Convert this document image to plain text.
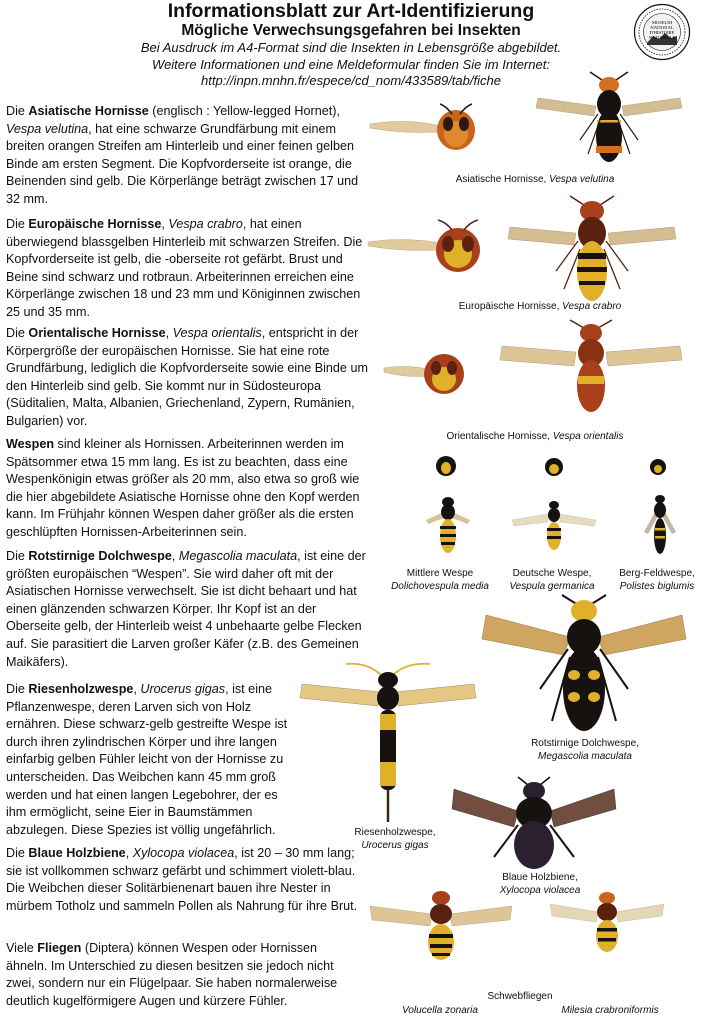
Informationsblatt zur Art-Identifizierung
Mögliche Verwechsungsgefahren bei Insekten
Bei Ausdruck im A4-Format sind die Insekten in Lebensgröße abgebildet.
Weitere Informationen und eine Meldeformular finden Sie im Internet:
http://inpn.mnhn.fr/espece/cd_nom/433589/tab/fiche
MUSEUM
NATIONAL
D'HISTOIRE
NATURELLE

Die Asiatische Hornisse (englisch : Yellow-legged Hornet), Vespa velutina, hat eine schwarze Grundfärbung mit einem breiten orangen Streifen am Hinterleib und einer feinen gelben Binde am ersten Segment. Die Kopfvorderseite ist orange, die Beinenden sind gelb. Die Körperlänge beträgt zwischen 17 und 32 mm.

Die Europäische Hornisse, Vespa crabro, hat einen überwiegend blassgelben Hinterleib mit schwarzen Streifen. Die Kopfvorderseite ist gelb, die -oberseite rot gefärbt. Brust und Beine sind schwarz und rotbraun. Arbeiterinnen erreichen eine Körperlänge zwischen 18 und 23 mm und Königinnen zwischen 25 und 35 mm.

Die Orientalische Hornisse, Vespa orientalis, entspricht in der Körpergröße der europäischen Hornisse. Sie hat eine rote Grundfärbung, lediglich die Kopfvorderseite sowie eine Binde um den Hinterleib sind gelb. Sie kommt nur in Südosteuropa (Süditalien, Malta, Albanien, Griechenland, Zypern, Rumänien, Bulgarien) vor.

Wespen sind kleiner als Hornissen. Arbeiterinnen werden im Spätsommer etwa 15 mm lang. Es ist zu beachten, dass eine Wespenkönigin etwas größer als 20 mm, also etwa so groß wie die hier abgebildete Asiatische Hornisse ohne den Kopf werden kann. Im Frühjahr können Wespen daher größer als die ersten geschlüpften Hornissen-Arbeiterinnen sein.

Die Rotstirnige Dolchwespe, Megascolia maculata, ist eine der größten europäischen “Wespen”. Sie wird daher oft mit der Asiatischen Hornisse verwechselt. Sie ist dicht behaart und hat einen glänzenden schwarzen Körper. Ihr Kopf ist an der Oberseite gelb, der Hinterleib weist 4 unbehaarte gelbe Flecken auf. Sie parasitiert die Larven großer Käfer (z.B. des Gemeinen Maikäfers).

Die Riesenholzwespe, Urocerus gigas, ist eine Pflanzenwespe, deren Larven sich von Holz ernähren. Diese schwarz-gelb gestreifte Wespe ist durch ihren zylindrischen Körper und ihre langen einfarbig gelben Fühler leicht von der Hornisse zu unterscheiden. Das Weibchen kann 45 mm groß werden und hat einen langen Legebohrer, der es ihm ermöglicht, seine Eier in Baumstämmen abzulegen. Diese Spezies ist völlig ungefährlich.

Die Blaue Holzbiene, Xylocopa violacea, ist 20 – 30 mm lang; sie ist vollkommen schwarz gefärbt und schimmert violett-blau. Die Weibchen dieser Solitärbienenart bauen ihre Nester in mürbem Totholz und sammeln Pollen als Nahrung für ihre Brut.

Viele Fliegen (Diptera) können Wespen oder Hornissen ähneln. Im Unterschied zu diesen besitzen sie jedoch nicht zwei, sondern nur ein Flügelpaar. Sie haben normalerweise deutlich kugelförmigere Augen und kürzere Fühler.

Asiatische Hornisse, Vespa velutina
Europäische Hornisse, Vespa crabro
Orientalische Hornisse, Vespa orientalis
Mittlere Wespe
Dolichovespula media
Deutsche Wespe,
Vespula germanica
Berg-Feldwespe,
Polistes biglumis
Rotstirnige Dolchwespe,
Megascolia maculata
Riesenholzwespe,
Urocerus gigas
Blaue Holzbiene,
Xylocopa violacea
Schwebfliegen
Volucella zonaria	Milesia crabroniformis
